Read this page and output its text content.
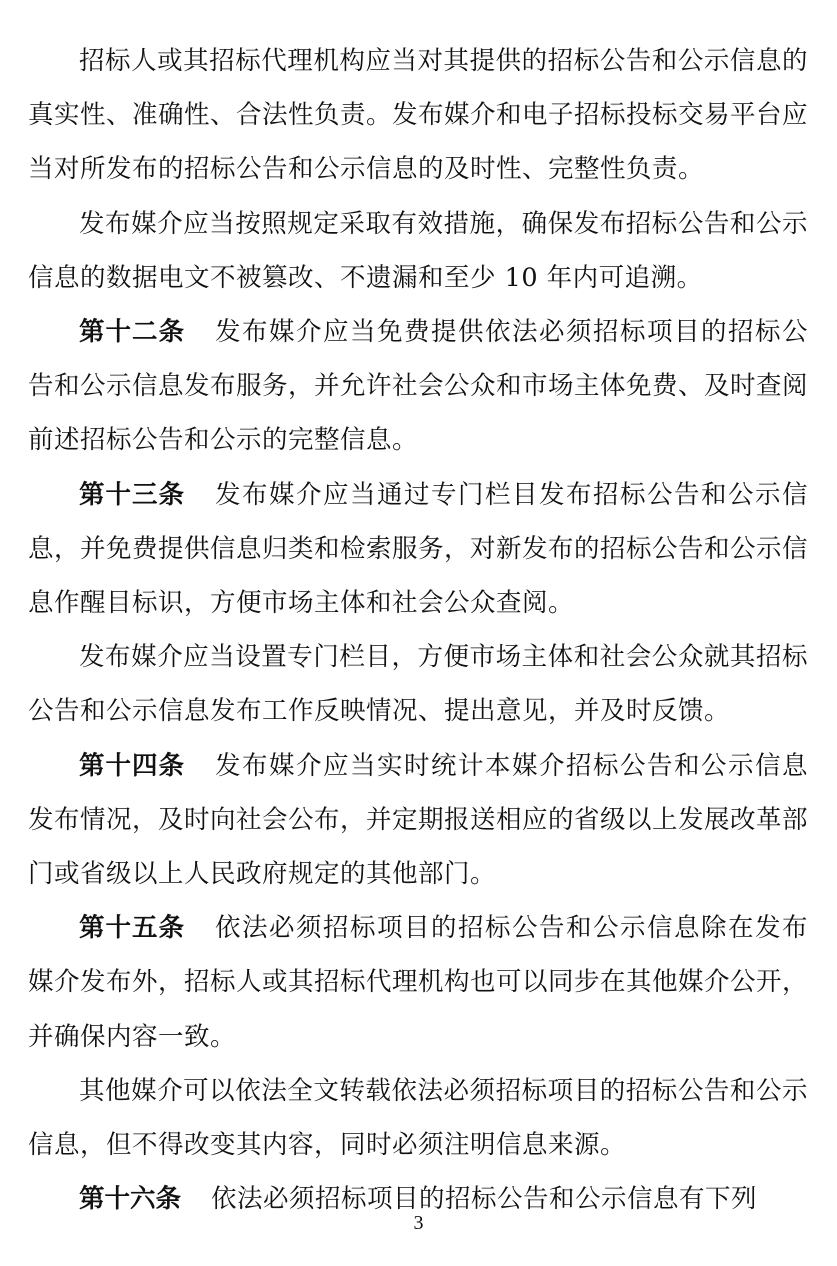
招标人或其招标代理机构应当对其提供的招标公告和公示信息的真实性、准确性、合法性负责。发布媒介和电子招标投标交易平台应当对所发布的招标公告和公示信息的及时性、完整性负责。

发布媒介应当按照规定采取有效措施，确保发布招标公告和公示信息的数据电文不被篡改、不遗漏和至少 10 年内可追溯。

第十二条 发布媒介应当免费提供依法必须招标项目的招标公告和公示信息发布服务，并允许社会公众和市场主体免费、及时查阅前述招标公告和公示的完整信息。

第十三条 发布媒介应当通过专门栏目发布招标公告和公示信息，并免费提供信息归类和检索服务，对新发布的招标公告和公示信息作醒目标识，方便市场主体和社会公众查阅。

发布媒介应当设置专门栏目，方便市场主体和社会公众就其招标公告和公示信息发布工作反映情况、提出意见，并及时反馈。

第十四条 发布媒介应当实时统计本媒介招标公告和公示信息发布情况，及时向社会公布，并定期报送相应的省级以上发展改革部门或省级以上人民政府规定的其他部门。

第十五条 依法必须招标项目的招标公告和公示信息除在发布媒介发布外，招标人或其招标代理机构也可以同步在其他媒介公开，并确保内容一致。

其他媒介可以依法全文转载依法必须招标项目的招标公告和公示信息，但不得改变其内容，同时必须注明信息来源。

第十六条 依法必须招标项目的招标公告和公示信息有下列

3
